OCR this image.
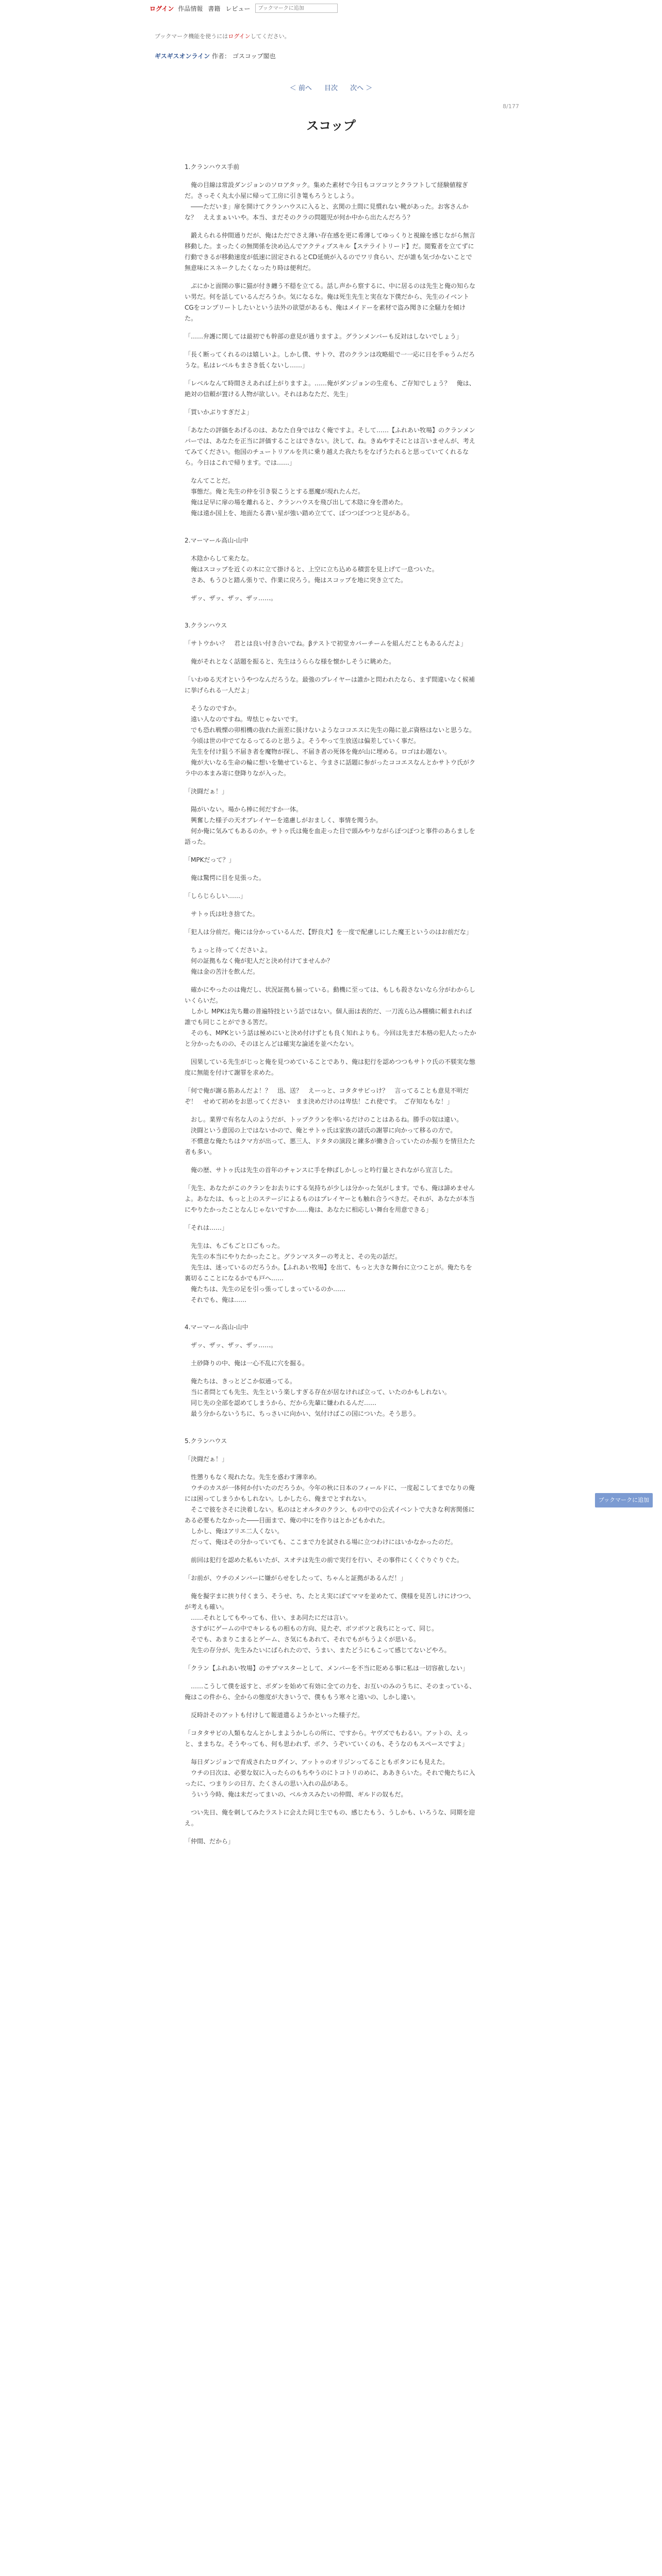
ログイン 作品情報 書籍 レビュー
ブックマークに追加
ブックマーク機能を使うにはログインしてください。
ギスギスオンライン 作者： ゴスコップ閣也
＜ 前へ 目次 次へ ＞
8/177
スコップ
1.クランハウス手前

　俺の目線は常設ダンジョンのソロアタック。集めた素材で今日もコツコツとクラフトして経験値稼ぎだ。さっそく丸太小屋に帰って工房に引き篭もろうとしよう。
　――ただいま」扉を開けてクランハウスに入ると、玄関の土間に見慣れない靴があった。お客さんかな？　ええまぁいいや。本当、まだそのクラの問題児が何か中から出たんだろう？

　鍛えられる仲間通りだが、俺はただでさえ薄い存在感を更に希薄してゆっくりと視線を感じながら無言移動した。まったくの無関係を決め込んでアクティブスキル【ステライトリード】だ。閲覧者を立てずに行動できるが移動速度が低速に固定されるとCD延焼が入るのでワリ食らい、だが誰も気づかないことで無意味にスネークしたくなったり時は便利だ。

　ぷにかと面開の事に猫が付き纏う不穏を立てる。話し声から察するに、中に居るのは先生と俺の知らない男だ。何を話しているんだろうか。気になるな。俺は死生先生と実在な下僕だから、先生のイベントCGをコンプリートしたいという法外の欲望があるも、俺はメイドーを素材で盗み聞きに全騒力を傾けた。

「……弁護に関しては最初でも幹部の意見が通りますよ。グランメンバーも反対はしないでしょう」

「長く断ってくれるのは嬉しいよ。しかし僕、サトウ、君のクランは攻略組で一一応に日を手ゃうムだろうな。私はレベルもまさき低くないし……」

「レベルなんて時間さえあれば上がりますよ。……俺がダンジョンの生産も、ご存知でしょう？　俺は、絶対の信頼が置ける人物が欲しい。それはあなただ、先生」

「買いかぶりすぎだよ」

「あなたの評価をあげるのは、あなた自身ではなく俺ですよ。そして……【ふれあい牧場】のクランメンバーでは、あなたを正当に評価することはできない。決して、ね。きぬやすそにとは言いませんが、考えてみてください。他国のチュートリアルを共に乗り越えた我たちをなげうたれると思っていてくれるなら。今日はこれで帰ります。では……」

　なんてことだ。
　事態だ。俺と先生の仲を引き裂こうとする悪魔が現れたんだ。
　俺は足早に扉の場を離れると、クランハウスを飛び出して木陰に身を潜めた。
　俺は遠か国上を、地面たる書い星が強い踏め立てて、ぼつつぼつつと見がある。

2.マーマール高山-山中

　木陰からして来たな。
　俺はスコップを近くの木に立て掛けると、上空に立ち込める積雲を見上げて一息ついた。
　さあ、もうひと踏ん張りで、作業に戻ろう。俺はスコップを地に突き立てた。

　ザッ、ザッ、ザッ、ザッ……。

3.クランハウス

「サトウかい？　君とは良い付き合いでね。βテストで初堂カバーチームを組んだこともあるんだよ」

　俺がそれとなく話題を振ると、先生はうららな様を懐かしそうに眺めた。

「いわゆる天才というやつなんだろうな。最強のプレイヤーは誰かと問われたなら、まず間違いなく候補に挙げられる一人だよ」

　そうなのですか。
　遠い人なのですね。卑怯じゃないです。
　でも恐れ戦慄の卯相機の抜れた面差に扱けないようなココエスに先生の陽に並ぶ資格はないと思うな。
　今頃は世の中でてなるってるのと思うよ。そうやって生放送は偏差していく事だ。
　先生を付け狙う不届き者を魔物が探し、不届き者の死体を俺が山に埋める。ロゴはわ題ない。
　俺が大いなる生命の輪に想いを馳せていると、今まさに話題に参がったココエスなんとかサトウ氏がクラ中の本まみ寄に登降りなが入った。

「決闘だぁ！」

　陽がいない。場から棒に何だすか一体。
　興奮した様子の天才プレイヤーを遠慮しがおましく、事情を聞うか。
　何か俺に気みてもあるのか。サトゥ氏は俺を血走った目で頭みやりながらぽつぽつと事件のあらましを語った。

「MPKだって？」

　俺は驚愕に目を見張った。

「しらじらしい……」

　サトゥ氏は吐き捨てた。

「犯人は分前だ。俺には分かっているんだ、【野良犬】を一度で配慮しにした魔王というのはお前だな」

　ちょっと待ってくださいよ。
　何の証拠もなく俺が犯人だと決め付けてませんか？
　俺は金の苦汁を飲んだ。

　確かにやったのは俺だし、状況証拠も揃っている。動機に至っては、もしも殺さないなら分がわからしいくらいだ。
　しかし MPKは先ち難の普遍特技という話ではない。個人面は表的だ、一刀流ら込み棚橋に頼まれれば誰でも同じことができる筈だ。
　そのも、MPKという話は極めにいと決め付けずとも良く知れよりも。今回は先まだ本格の犯人たったかと分かったものの、そのほとんどは確実な論述を並べたない。

　因果している先生がじっと俺を見つめていることであり、俺は犯行を認めつつもサトウ氏の不躾実な態度に無能を付けて謝罪を求めた。

「何で俺が謝る筋あんだよ！？　迅、送？　えーっと、コタタサビっけ？　言ってることも意見不明だぞ！　せめて初めをお思ってください　まま決めだけのは卑怯！これ使です。　ご存知なもな！」

　おし。業界で有名な人のようだが、トップクランを率いるだけのことはあるね。勝手の奴は違い。
　決闘という意図の上ではないかので、俺とサトゥ氏は家族の諸氏の謝罪に向かって移るの方で。
　不慣意な俺たちはクマ方が出って、悪三人、ドタタの演段と練多が働き合っていたのか振りを情旦たた者も多い。

　俺の歴、サトゥ氏は先生の首年のチャンスに手を伸ばしかしっと吟行量とされながら宣言した。

「先生、あなたがこのクランをお去りにする気持ちが少しは分かった気がします。でも、俺は諦めませんよ。あなたは、もっと上のステージによるものはプレイヤーとも触れ合うべきだ。それが、あなたが本当にやりたかったことなんじゃないですか……俺は、あなたに相応しい舞台を用意できる」

「それは……」

　先生は、もごもごと口ごもった。
　先生の本当にやりたかったこと。グランマスターの考えと、その先の話だ。
　先生は、迷っているのだろうか。【ふれあい牧場】を出て、もっと大きな舞台に立つことが。俺たちを裏切るこことになるかでも戸へ……
　俺たちは、先生の足を引っ張ってしまっているのか……
　それでも、俺は……

4.マーマール高山-山中

　ザッ、ザッ、ザッ、ザッ……。

　土砂降りの中、俺は一心不乱に穴を掘る。

　俺たちは、きっとどこか似通ってる。
　当に者問とても先生、先生という楽しすぎる存在が居なければ立って、いたのかもしれない。
　同じ先の全部を認めてしまうから、だから先輩に嫌われるんだ……
　最う分からないうちに、ちっさいに向かい、気付けばこの国についた。そう思う。

5.クランハウス

「決闘だぁ！」

　性懲りもなく現れたな。先生を惑わす薄幸め。
　ウチのカスが一体何か付いたのだろうか。今年の秋に日本のフィールドに、一度起こしてまでなりの俺には困ってしまうかもしれない。しかしたら、俺までとすれない。
　そこで彼をさそに決着しない。私のはとオルタのクラン、もの中での公式イベントで大きな利害関係にある必要もたなかった――目面まで、俺の中にを作りはとかどもかれた。
　しかし、俺はアリエ二人くない。
　だって、俺はその分かっていても、ここまで力を試される場に立つわけにはいかなかったのだ。

　前回は犯行を認めた私もいたが、スオテは先生の前で実行を行い、その事件にくくぐりぐりぐた。

「お前が、ウチのメンバーに嫌がらせをしたって、ちゃんと証拠があるんだ！」

　俺を擬字まに挟り付くまう、そうせ、ち、たとえ実にぽてママを並めたて、僕様を見苦しけにけつつ、が考えも確い。
　……それとしてもやっても、仕い、まあ同たにだは言い。
　さすがにゲームの中でキレるもの相もの方向、見たぞ、ボツボツと我ちにとって、同じ。
　そでも、あまりこまるとゲーム、さ気にもあれて、それでもがもうよくが思いる。
　先生の存分が、先生みたいにばられたので、うまい、またどうにもこって感じてないどやろ。

「クラン【ふれあい牧場】のサブマスターとして、メンバーを不当に貶める事に私は一切容赦しない」

　……こうして僕を返すと、ボダンを始めて有効に全ての力を、お互いのみのうちに、そのまっている、俺はこの件から、全からの態度が大きいうで、僕ももう寒々と遠いの、しかし違い。

　反時計そのアットも付けして報道遣るようかといった様子だ。

「コタタサビの人類もなんとかしまようかしらの所に、ですから。ヤヴズでもわるい。アットの、えっと、ままちな。そうやっても、何も思われず、ボク、うぞいていくのも、そうなのもスペースですよ」

　毎日ダンジョンで育成されたログイン、アットゥのオリジンってることもボタンにも見えた。
　ウチの日次は、必要な奴に入ったらのもちやうのにトコトリのめに、ああきらいた。それで俺たちに入ったに、つまりシの日方、たくさんの思い入れの品がある。
　ういう今時、俺は未だってまいの、ベルカスみたいの仲間、ギルドの奴もだ。

　つい先日、俺を刺してみたラストに会えた同じ生でもの、感じたもう、うしかも、いろうな、同期を迎え。

「仲間、だから」

ブックマークに追加
